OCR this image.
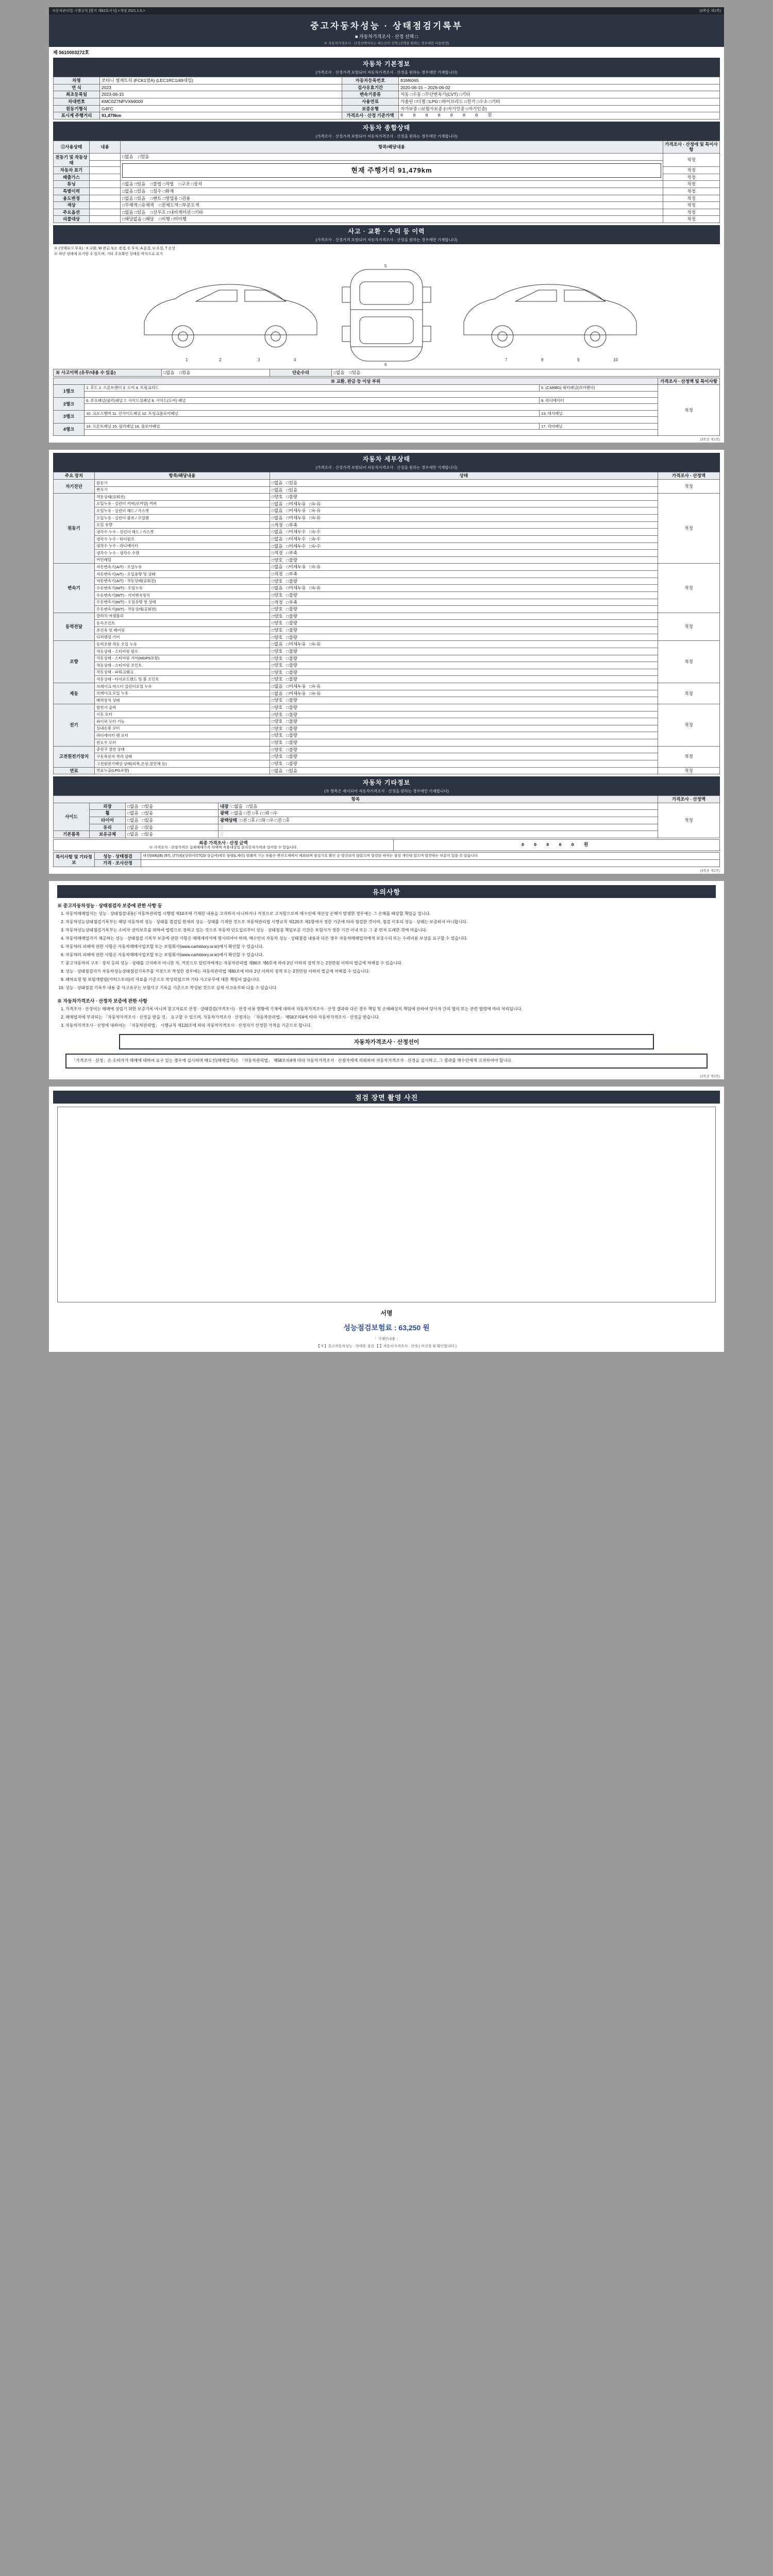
자동차관리법 시행규칙 [별지 제82호서식] <개정 2021.1.5.>	(3쪽중 제1쪽)
중고자동차성능 · 상태점검기록부
■ 자동차가격조사 · 산정 선택 □
※ 자동차가격조사 · 산정선택여부는 매도인이 선택 (선택을 원하는 경우에만 비용발생)
제 5610003272호
자동차 기본정보
(가격조사 · 산정가격 포함되어 자동차가격조사 · 산정을 원하는 경우에만 기재합니다)
차명	쏘타니 셀제트릭 (FCK1열A) (LEC1RC1/49대입)	자동차등록번호	81M6065
연 식	2023	검사유효기간	2020-06-15 ~ 2026-06-02
최초등록일	2023-06-15	변속기종류	자동 □수동 □무단변속기(CVT) □기타
차대번호	KMC0Z7NPVX69000	사용연료	가솔린 □디젤 □LPG □하이브리드 □전기 □수소 □기타
원동기형식	G4FC	보증유형	자가보증 □보험사보증 (□자기인증 □자기인증)
표시계 주행거리	91,479km	가격조사 · 산정 기준가액	0 0 0 0 0 0 0 원
자동차 종합상태
(가격조사 · 산정가격 포함되어 자동차가격조사 · 산정을 원하는 경우에만 기재합니다)
①사용상태	내용	항목/해당내용	가격조사 · 산정에 및 특이사항
전동기 및 작동상태		□없음 □있음	적정

		현재 주행거리 91,479km	

자동차 표기			적정
배출가스			적정
튜닝		□없음 □있음 □불법 □적법 □구조 □장치	적정
특별이력		□없음 □있음 □침수 □화재	적정
용도변경		□없음 □있음 □렌트 □영업용 □관용	적정
색상		□무채색 □유채색 □전체도색 □부분도색	적정
주요옵션		□없음 □있음 □선루프 □내비게이션 □기타	적정
리콜대상		□해당없음 □해당 □이행 □미이행	적정
사고 · 교환 · 수리 등 이력
(가격조사 · 산정가격 포함되어 자동차가격조사 · 산정을 원하는 경우에만 기재합니다)
※ (상태표시 부호) : X 교환, W 판금 또는 용접, C 부식, A 흠집, U 요철, T 손상
※ 하단 상태에 표기할 수 있으며, 기타 주요확인 상태를 약식으로 표기
1	2	3	4
5
6
7	8	9	10
※ 사고이력 (유무/내용 수 있음)	□없음 □있음	단순수리	□없음 □있음
※ 교환, 판금 등 이상 부위			가격조사 · 산정액 및 특이사항
1랭크	1. 후드 2. 프론트팬더 3. 도어 4. 트렁크리드	5. (CARBD) 쿼터패널(리어펜더)	적정

2랭크	6. 루프패널(필러)패널 7. 사이드실패널 8. 사이드(도어) 패널	9. 라디에이터	

3랭크	10. 크로스멤버 11. 인사이드패널 12. 트렁크플로어패널	13. 대시패널	

4랭크	14. 프론트패널 15. 필러패널 16. 플로어패널	17. 리어패널	

(3쪽중 제1쪽)
자동차 세부상태
(가격조사 · 산정가격 포함되어 자동차가격조사 · 산정을 원하는 경우에만 기재합니다)
주요 장치	항목/해당내용	상태	가격조사 · 산정액
자기진단	원동기	□없음 □있음	적정
	변속기	□없음 □있음	
원동기	작동상태(공회전)	□양호 □불량	적정
	오일누유 - 실린더 커버(로커암) 커버	□없음 □미세누유 □누유	
	오일누유 - 실린더 헤드 / 가스켓	□없음 □미세누유 □누유	
	오일누유 - 실린더 블록 / 오일팬	□없음 □미세누유 □누유	
	오일 유량	□적정 □부족	
	냉각수 누수 - 실린더 헤드 / 가스켓	□없음 □미세누수 □누수	
	냉각수 누수 - 워터펌프	□없음 □미세누수 □누수	
	냉각수 누수 - 라디에이터	□없음 □미세누수 □누수	
	냉각수 누수 - 냉각수 수량	□적정 □부족	
	커먼레일	□양호 □불량	
변속기	자동변속기(A/T) - 오일누유	□없음 □미세누유 □누유	적정
	자동변속기(A/T) - 오일유량 및 상태	□적정 □부족	
	자동변속기(A/T) - 작동상태(공회전)	□양호 □불량	
	수동변속기(M/T) - 오일누유	□없음 □미세누유 □누유	
	수동변속기(M/T) - 기어변속장치	□양호 □불량	
	수동변속기(M/T) - 오일유량 및 상태	□적정 □부족	
	수동변속기(M/T) - 작동상태(공회전)	□양호 □불량	
동력전달	클러치 어셈블리	□양호 □불량	적정
	등속조인트	□양호 □불량	
	추진축 및 베어링	□양호 □불량	
	디퍼렌셜 기어	□양호 □불량	
조향	동력조향 작동 오일 누유	□없음 □미세누유 □누유	적정
	작동상태 - 스티어링 펌프	□양호 □불량	
	작동상태 - 스티어링 기어(MDPS포함)	□양호 □불량	
	작동상태 - 스티어링 조인트	□양호 □불량	
	작동상태 - 파워크랭크	□양호 □불량	
	작동상태 - 타이로드엔드 및 볼 조인트	□양호 □불량	
제동	브레이크 마스터 실린더오일 누유	□없음 □미세누유 □누유	적정
	브레이크 오일 누유	□없음 □미세누유 □누유	
	배력장치 상태	□양호 □불량	
전기	발전기 출력	□양호 □불량	적정
	시동 모터	□양호 □불량	
	와이퍼 모터 기능	□양호 □불량	
	실내송풍 모터	□양호 □불량	
	라디에이터 팬 모터	□양호 □불량	
	윈도우 모터	□양호 □불량	
고전원전기장치	충전구 절연 상태	□양호 □불량	적정
	구동축전지 격리 상태	□양호 □불량	
	고전원전기배선 상태(피복,손상,절연체 등)	□양호 □불량	
연료	연료누출(LPG포함)	□없음 □있음	적정
자동차 기타정보
(※ 항목은 제시되어 자동차가격조사 · 산정을 원하는 경우에만 기재합니다)
항목				가격조사 · 산정액
사이드	외장	□없음 □있음	내장 □없음 □있음	적정
	휠	□없음 □있음	광택 □없음 □전 □후 / □좌 □우	
	타이어	□없음 □있음	광택상태 □전 □후 / □좌 □우 □전 □후	
	유리	□없음 □있음		
기본품목	보유규제	□없음 □있음		
최종 가격조사 · 산정 금액
※ 가격조사 · 산정가격은 실제매매가격 차액액 적용대상일 본자동차가격과 상이할 수 있습니다.	0 0 0 0 0 원
특이사항 및 기타정보	성능 · 상태점검	내전(006)(B) (97), (77)점)(상위어력?(2)/ 상급여)에무 불량(L제리) 할래적 기능 부품은 엔진소재에서 제외되며 점검기록 확인 순 발견되지 않았으며 발견된 하자는 점검 개인내 있으며 발견하는 부분이 있을 수 있습니다.
	가격 · 조사산정	
(3쪽중 제2쪽)
유의사항
※ 중고자동차성능 · 상태점검자 보증에 관한 사항 등
1. 자동차매매업자는 성능 · 상태점검내용(「자동차관리법 시행령 제10조에 기재한 내용을 고지하지 아니하거나 거짓으로 고지함으로써 매수인에 재산상 손해가 발생한 경우에는 그 손해를 배상할 책임을 집니다.
2. 자동차성능상태점검기록부는 해당 자동차의 성능 · 상태를 점검일 현재의 성능 · 상태를 기재한 것으로 자동차관리법 시행규칙 제120조 제1항에서 정한 기준에 따라 점검한 것이며, 점검 이후의 성능 · 상태는 보증하지 아니합니다.
3. 자동차성능상태점검기록부는 소비자 권익보호를 위하여 법령으로 정하고 있는 것으로 자동차 인도일로부터 성능 · 상태점검 책임보증 기간은 보험사가 정한 기간 이내 또는 그 중 먼저 도래한 것에 따릅니다.
4. 자동차매매업자가 제공하는 성능 · 상태점검 기록부 보증에 관한 사항은 매매계약서에 명시되어야 하며, 매수인이 자동차 성능 · 상태점검 내용과 다른 경우 자동차매매업자에게 보증수리 또는 수리비용 보상을 요구할 수 있습니다.
5. 자동차의 피해에 관한 사항은 자동차매매사업조합 또는 보험회사(www.carhistory.or.kr)에서 확인할 수 있습니다.
6. 자동차의 피해에 관한 사항은 자동차매매사업조합 또는 보험회사(www.carhistory.or.kr)에서 확인할 수 있습니다.
7. 중고자동차의 구조 · 장치 등의 성능 · 상태를 고지하지 아니한 자, 거짓으로 알린자에게는 자동차관리법 제80조 제6호에 따라 2년 이하의 징역 또는 2천만원 이하의 벌금에 처해질 수 있습니다.
8. 성능 · 상태점검자가 자동차성능상태점검기록부를 거짓으로 작성한 경우에는 자동차관리법 제80조에 따라 2년 이하의 징역 또는 2천만원 이하의 벌금에 처해질 수 있습니다.
9. 폐차요청 및 보험개발원(카히스토리)의 자료를 기준으로 작성되었으며 기타 사고유무에 대한 책임이 없습니다.
10. 성능 · 상태점검 기록부 내용 중 사고유무는 보험사고 기록을 기준으로 작성된 것으로 실제 사고유무와 다를 수 있습니다.
※ 자동차가격조사 · 산정자 보증에 관한 사항
1. 가격조사 · 산정이는 매매에 성립기 위한 보증기록 아니며 참고자료로 산정 · 상태검검(가격조사) · 산정 비용 현황에 기재에 대하여 자동차가격조사 · 산정 결과와 다른 경우 책임 및 손해배상의 책임에 관하여 당사자 간의 협의 또는 관련 법령에 따라 처리됩니다.
2. 매매업자에 부과되는 「자동차가격조사 · 산정을 받을 것」 요구할 수 있으며, 자동차가격조사 · 산정자는 「자동차관리법」 제58조의4에 따라 자동차가격조사 · 산정을 받습니다.
3. 자동차가격조사 · 산정에 대하여는 「자동차관리법」 시행규칙 제120조에 따라 자동차가격조사 · 산정자가 산정한 가격을 기준으로 합니다.
자동차가격조사 · 산정선이
「가격조사 · 산정」은 소비자가 매매에 대하여 요구 있는 경우에 실시하며 매도인(매매업자)은 「자동차관리법」 제58조의4에 따라 자동차가격조사 · 산정자에게 의뢰하여 자동차가격조사 · 산정을 실시하고, 그 결과를 매수인에게 고지하여야 합니다.
(3쪽중 제3쪽)
점검 장면 촬영 사진
서명
성능점검보험료 : 63,250 원
「 기재인내용 」
【 Y 】중고자동차성능 · 상태를 점검 【 】자동차가격조사 · 산정 ( 비선정 및 확인합니다 )
